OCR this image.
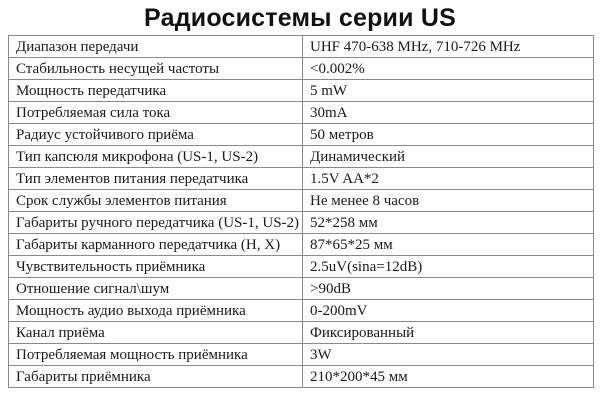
Радиосистемы серии US
Диапазон передачи	UHF 470-638 MHz, 710-726 MHz
Стабильность несущей частоты	<0.002%
Мощность передатчика	5 mW
Потребляемая сила тока	30mA
Радиус устойчивого приёма	50 метров
Тип капсюля микрофона (US-1, US-2)	Динамический
Тип элементов питания передатчика	1.5V AA*2
Срок службы элементов питания	Не менее 8 часов
Габариты ручного передатчика (US-1, US-2)	52*258 мм
Габариты карманного передатчика (H, X)	87*65*25 мм
Чувствительность приёмника	2.5uV(sina=12dB)
Отношение сигнал\шум	>90dB
Мощность аудио выхода приёмника	0-200mV
Канал приёма	Фиксированный
Потребляемая мощность приёмника	3W
Габариты приёмника	210*200*45 мм
